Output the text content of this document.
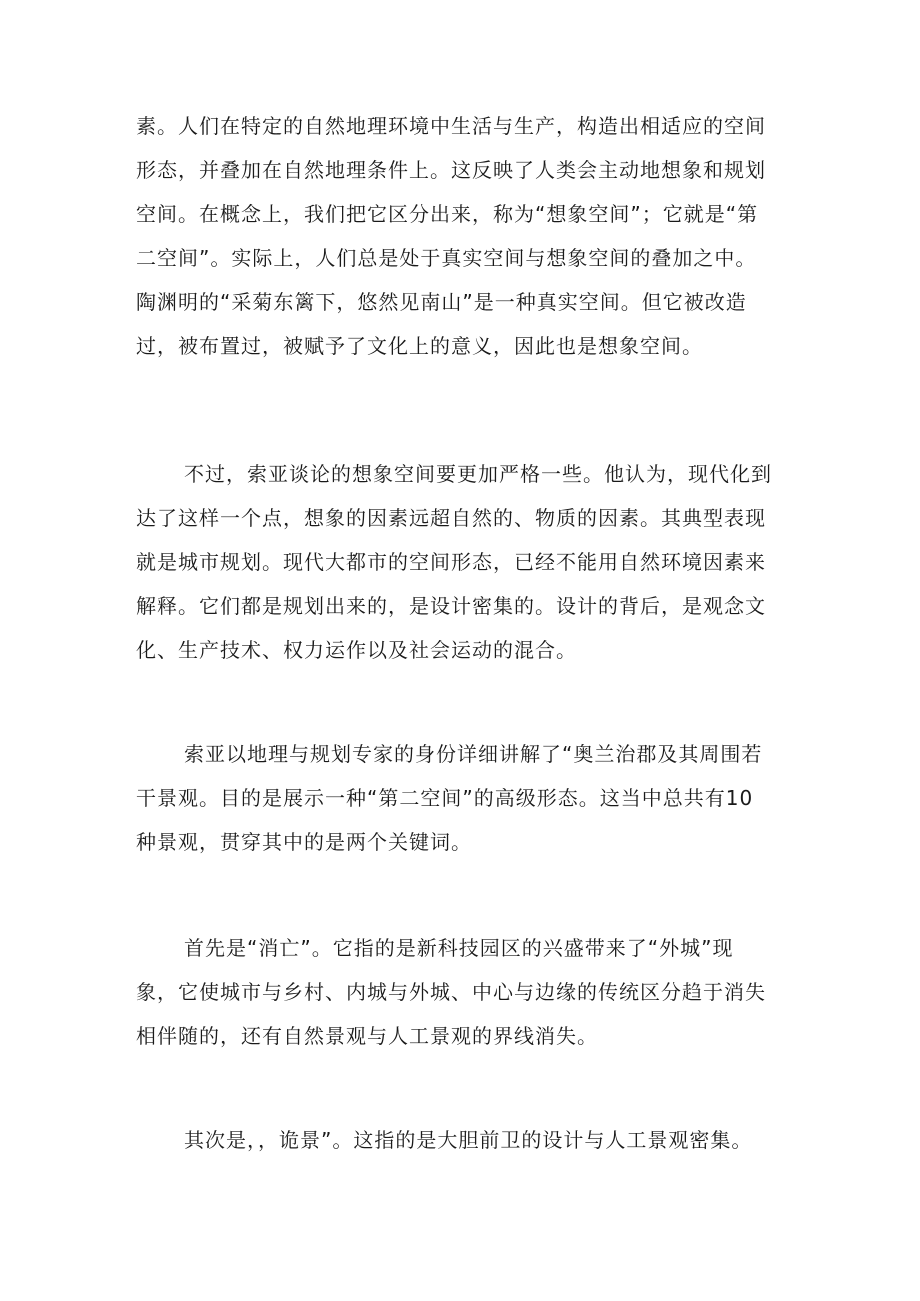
素。人们在特定的自然地理环境中生活与生产，构造出相适应的空间
形态，并叠加在自然地理条件上。这反映了人类会主动地想象和规划
空间。在概念上，我们把它区分出来，称为“想象空间”；它就是“第
二空间”。实际上，人们总是处于真实空间与想象空间的叠加之中。
陶渊明的“采菊东篱下，悠然见南山”是一种真实空间。但它被改造
过，被布置过，被赋予了文化上的意义，因此也是想象空间。
不过，索亚谈论的想象空间要更加严格一些。他认为，现代化到
达了这样一个点，想象的因素远超自然的、物质的因素。其典型表现
就是城市规划。现代大都市的空间形态，已经不能用自然环境因素来
解释。它们都是规划出来的，是设计密集的。设计的背后，是观念文
化、生产技术、权力运作以及社会运动的混合。
索亚以地理与规划专家的身份详细讲解了“奥兰治郡及其周围若
干景观。目的是展示一种“第二空间”的高级形态。这当中总共有10
种景观，贯穿其中的是两个关键词。
首先是“消亡”。它指的是新科技园区的兴盛带来了“外城”现
象，它使城市与乡村、内城与外城、中心与边缘的传统区分趋于消失
相伴随的，还有自然景观与人工景观的界线消失。
其次是，，诡景”。这指的是大胆前卫的设计与人工景观密集。
